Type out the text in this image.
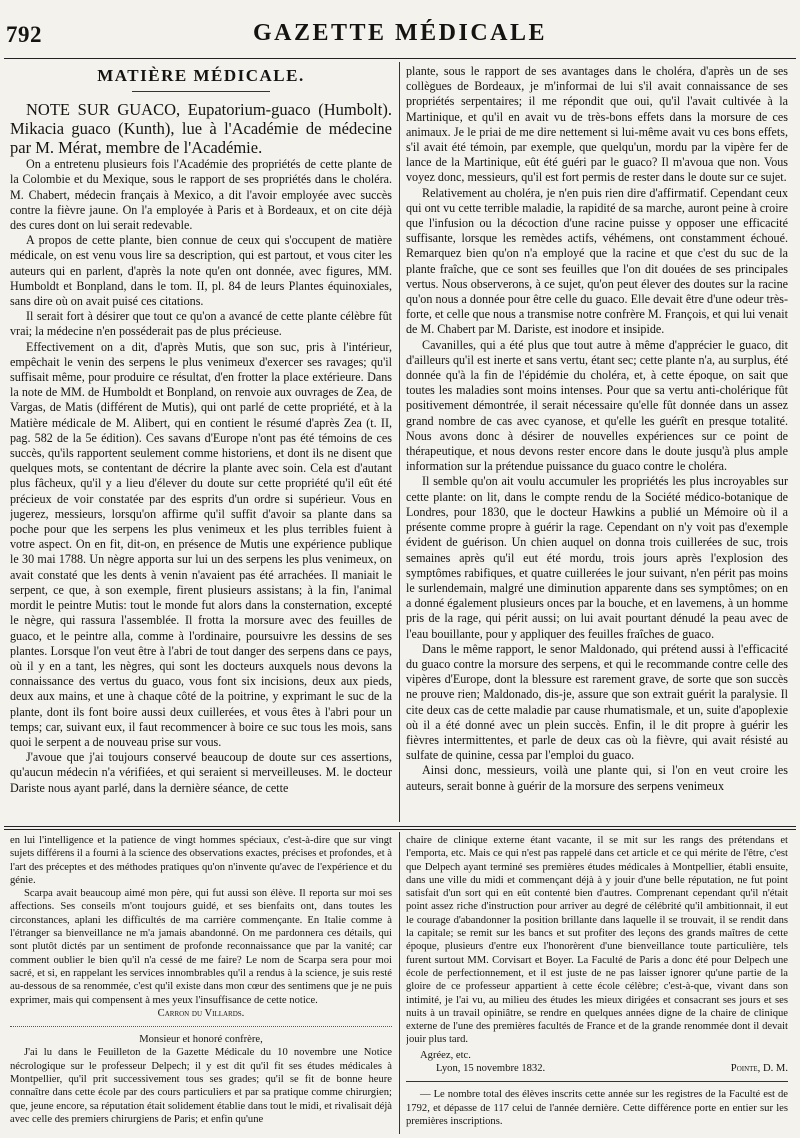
792	GAZETTE MÉDICALE
MATIÈRE MÉDICALE.

NOTE SUR GUACO, Eupatorium-guaco (Humbolt). Mikacia guaco (Kunth), lue à l'Académie de médecine par M. Mérat, membre de l'Académie.

On a entretenu plusieurs fois l'Académie des propriétés de cette plante de la Colombie et du Mexique, sous le rapport de ses propriétés dans le choléra. M. Chabert, médecin français à Mexico, a dit l'avoir employée avec succès contre la fièvre jaune. On l'a employée à Paris et à Bordeaux, et on cite déjà des cures dont on lui serait redevable.

A propos de cette plante, bien connue de ceux qui s'occupent de matière médicale, on est venu vous lire sa description, qui est partout, et vous citer les auteurs qui en parlent, d'après la note qu'en ont donnée, avec figures, MM. Humboldt et Bonpland, dans le tom. II, pl. 84 de leurs Plantes équinoxiales, sans dire où on avait puisé ces citations.

Il serait fort à désirer que tout ce qu'on a avancé de cette plante célèbre fût vrai; la médecine n'en posséderait pas de plus précieuse.

Effectivement on a dit, d'après Mutis, que son suc, pris à l'intérieur, empêchait le venin des serpens le plus venimeux d'exercer ses ravages; qu'il suffisait même, pour produire ce résultat, d'en frotter la place extérieure. Dans la note de MM. de Humboldt et Bonpland, on renvoie aux ouvrages de Zea, de Vargas, de Matis (différent de Mutis), qui ont parlé de cette propriété, et à la Matière médicale de M. Alibert, qui en contient le résumé d'après Zea (t. II, pag. 582 de la 5e édition). Ces savans d'Europe n'ont pas été témoins de ces succès, qu'ils rapportent seulement comme historiens, et dont ils ne disent que quelques mots, se contentant de décrire la plante avec soin. Cela est d'autant plus fâcheux, qu'il y a lieu d'élever du doute sur cette propriété qu'il eût été précieux de voir constatée par des esprits d'un ordre si supérieur. Vous en jugerez, messieurs, lorsqu'on affirme qu'il suffit d'avoir sa plante dans sa poche pour que les serpens les plus venimeux et les plus terribles fuient à votre aspect. On en fit, dit-on, en présence de Mutis une expérience publique le 30 mai 1788. Un nègre apporta sur lui un des serpens les plus venimeux, on avait constaté que les dents à venin n'avaient pas été arrachées. Il maniait le serpent, ce que, à son exemple, firent plusieurs assistans; à la fin, l'animal mordit le peintre Mutis: tout le monde fut alors dans la consternation, excepté le nègre, qui rassura l'assemblée. Il frotta la morsure avec des feuilles de guaco, et le peintre alla, comme à l'ordinaire, poursuivre les dessins de ses plantes. Lorsque l'on veut être à l'abri de tout danger des serpens dans ce pays, où il y en a tant, les nègres, qui sont les docteurs auxquels nous devons la connaissance des vertus du guaco, vous font six incisions, deux aux pieds, deux aux mains, et une à chaque côté de la poitrine, y exprimant le suc de la plante, dont ils font boire aussi deux cuillerées, et vous êtes à l'abri pour un temps; car, suivant eux, il faut recommencer à boire ce suc tous les mois, sans quoi le serpent a de nouveau prise sur vous.

J'avoue que j'ai toujours conservé beaucoup de doute sur ces assertions, qu'aucun médecin n'a vérifiées, et qui seraient si merveilleuses. M. le docteur Dariste nous ayant parlé, dans la dernière séance, de cette

plante, sous le rapport de ses avantages dans le choléra, d'après un de ses collègues de Bordeaux, je m'informai de lui s'il avait connaissance de ses propriétés serpentaires; il me répondit que oui, qu'il l'avait cultivée à la Martinique, et qu'il en avait vu de très-bons effets dans la morsure de ces animaux. Je le priai de me dire nettement si lui-même avait vu ces bons effets, s'il avait été témoin, par exemple, que quelqu'un, mordu par la vipère fer de lance de la Martinique, eût été guéri par le guaco? Il m'avoua que non. Vous voyez donc, messieurs, qu'il est fort permis de rester dans le doute sur ce sujet.

Relativement au choléra, je n'en puis rien dire d'affirmatif. Cependant ceux qui ont vu cette terrible maladie, la rapidité de sa marche, auront peine à croire que l'infusion ou la décoction d'une racine puisse y opposer une efficacité suffisante, lorsque les remèdes actifs, véhémens, ont constamment échoué. Remarquez bien qu'on n'a employé que la racine et que c'est du suc de la plante fraîche, que ce sont ses feuilles que l'on dit douées de ses principales vertus. Nous observerons, à ce sujet, qu'on peut élever des doutes sur la racine qu'on nous a donnée pour être celle du guaco. Elle devait être d'une odeur très-forte, et celle que nous a transmise notre confrère M. François, et qui lui venait de M. Chabert par M. Dariste, est inodore et insipide.

Cavanilles, qui a été plus que tout autre à même d'apprécier le guaco, dit d'ailleurs qu'il est inerte et sans vertu, étant sec; cette plante n'a, au surplus, été donnée qu'à la fin de l'épidémie du choléra, et, à cette époque, on sait que toutes les maladies sont moins intenses. Pour que sa vertu anti-cholérique fût positivement démontrée, il serait nécessaire qu'elle fût donnée dans un assez grand nombre de cas avec cyanose, et qu'elle les guérît en presque totalité. Nous avons donc à désirer de nouvelles expériences sur ce point de thérapeutique, et nous devons rester encore dans le doute jusqu'à plus ample information sur la prétendue puissance du guaco contre le choléra.

Il semble qu'on ait voulu accumuler les propriétés les plus incroyables sur cette plante: on lit, dans le compte rendu de la Société médico-botanique de Londres, pour 1830, que le docteur Hawkins a publié un Mémoire où il a présente comme propre à guérir la rage. Cependant on n'y voit pas d'exemple évident de guérison. Un chien auquel on donna trois cuillerées de suc, trois semaines après qu'il eut été mordu, trois jours après l'explosion des symptômes rabifiques, et quatre cuillerées le jour suivant, n'en périt pas moins le surlendemain, malgré une diminution apparente dans ses symptômes; on en a donné également plusieurs onces par la bouche, et en lavemens, à un homme pris de la rage, qui périt aussi; on lui avait pourtant dénudé la peau avec de l'eau bouillante, pour y appliquer des feuilles fraîches de guaco.

Dans le même rapport, le senor Maldonado, qui prétend aussi à l'efficacité du guaco contre la morsure des serpens, et qui le recommande contre celle des vipères d'Europe, dont la blessure est rarement grave, de sorte que son succès ne prouve rien; Maldonado, dis-je, assure que son extrait guérit la paralysie. Il cite deux cas de cette maladie par cause rhumatismale, et un, suite d'apoplexie où il a été donné avec un plein succès. Enfin, il le dit propre à guérir les fièvres intermittentes, et parle de deux cas où la fièvre, qui avait résisté au sulfate de quinine, cessa par l'emploi du guaco.

Ainsi donc, messieurs, voilà une plante qui, si l'on en veut croire les auteurs, serait bonne à guérir de la morsure des serpens venimeux

en lui l'intelligence et la patience de vingt hommes spéciaux, c'est-à-dire que sur vingt sujets différens il a fourni à la science des observations exactes, précises et profondes, et à l'art des préceptes et des méthodes pratiques qu'on n'invente qu'avec de l'expérience et du génie.

Scarpa avait beaucoup aimé mon père, qui fut aussi son élève. Il reporta sur moi ses affections. Ses conseils m'ont toujours guidé, et ses bienfaits ont, dans toutes les circonstances, aplani les difficultés de ma carrière commençante. En Italie comme à l'étranger sa bienveillance ne m'a jamais abandonné. On me pardonnera ces détails, qui sont plutôt dictés par un sentiment de profonde reconnaissance que par la vanité; car comment oublier le bien qu'il n'a cessé de me faire? Le nom de Scarpa sera pour moi sacré, et si, en rappelant les services innombrables qu'il a rendus à la science, je suis resté au-dessous de sa renommée, c'est qu'il existe dans mon cœur des sentimens que je ne puis exprimer, mais qui compensent à mes yeux l'insuffisance de cette notice.

Carron du Villards.

Monsieur et honoré confrère,

J'ai lu dans le Feuilleton de la Gazette Médicale du 10 novembre une Notice nécrologique sur le professeur Delpech; il y est dit qu'il fit ses études médicales à Montpellier, qu'il prit successivement tous ses grades; qu'il se fit de bonne heure connaître dans cette école par des cours particuliers et par sa pratique comme chirurgien; que, jeune encore, sa réputation était solidement établie dans tout le midi, et rivalisait déjà avec celle des premiers chirurgiens de Paris; et enfin qu'une

chaire de clinique externe étant vacante, il se mit sur les rangs des prétendans et l'emporta, etc. Mais ce qui n'est pas rappelé dans cet article et ce qui mérite de l'être, c'est que Delpech ayant terminé ses premières études médicales à Montpellier, établi ensuite, dans une ville du midi et commençant déjà à y jouir d'une belle réputation, ne fut point satisfait d'un sort qui en eût contenté bien d'autres. Comprenant cependant qu'il n'était point assez riche d'instruction pour arriver au degré de célébrité qu'il ambitionnait, il eut le courage d'abandonner la position brillante dans laquelle il se trouvait, il se rendit dans la capitale; se remit sur les bancs et sut profiter des leçons des grands maîtres de cette époque, plusieurs d'entre eux l'honorèrent d'une bienveillance toute particulière, tels furent surtout MM. Corvisart et Boyer. La Faculté de Paris a donc été pour Delpech une école de perfectionnement, et il est juste de ne pas laisser ignorer qu'une partie de la gloire de ce professeur appartient à cette école célèbre; c'est-à-que, vivant dans son intimité, je l'ai vu, au milieu des études les mieux dirigées et consacrant ses jours et ses nuits à un travail opiniâtre, se rendre en quelques années digne de la chaire de clinique externe de l'une des premières facultés de France et de la grande renommée dont il devait jouir plus tard.

Agréez, etc.

Lyon, 15 novembre 1832.	Pointe, D. M.

— Le nombre total des élèves inscrits cette année sur les registres de la Faculté est de 1792, et dépasse de 117 celui de l'année dernière. Cette différence porte en entier sur les premières inscriptions.
